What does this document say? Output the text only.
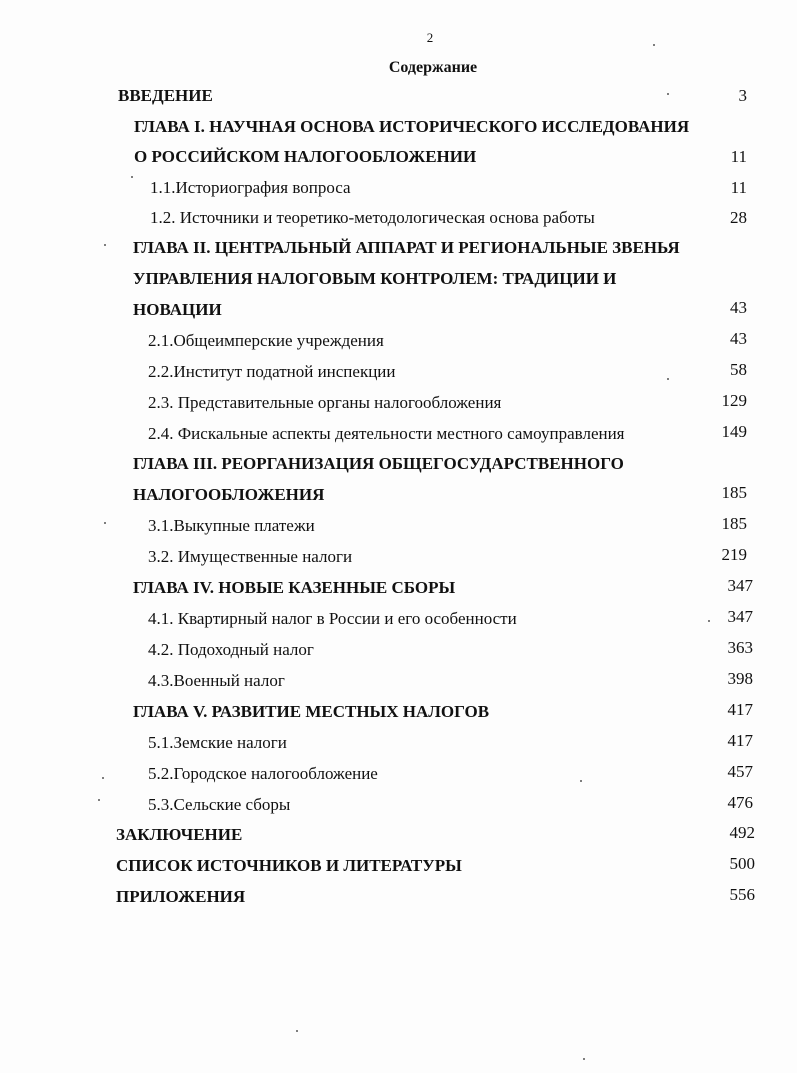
2
Содержание
ВВЕДЕНИЕ	3
ГЛАВА I. НАУЧНАЯ ОСНОВА ИСТОРИЧЕСКОГО ИССЛЕДОВАНИЯ
О РОССИЙСКОМ НАЛОГООБЛОЖЕНИИ	11
1.1.Историография вопроса	11
1.2. Источники и теоретико-методологическая основа работы	28
ГЛАВА II. ЦЕНТРАЛЬНЫЙ АППАРАТ И РЕГИОНАЛЬНЫЕ ЗВЕНЬЯ
УПРАВЛЕНИЯ НАЛОГОВЫМ КОНТРОЛЕМ: ТРАДИЦИИ И
НОВАЦИИ	43
2.1.Общеимперские учреждения	43
2.2.Институт податной инспекции	58
2.3. Представительные органы налогообложения	129
2.4. Фискальные аспекты деятельности местного самоуправления	149
ГЛАВА III. РЕОРГАНИЗАЦИЯ ОБЩЕГОСУДАРСТВЕННОГО
НАЛОГООБЛОЖЕНИЯ	185
3.1.Выкупные платежи	185
3.2. Имущественные налоги	219
ГЛАВА IV. НОВЫЕ КАЗЕННЫЕ СБОРЫ	347
4.1. Квартирный налог в России и его особенности	347
4.2. Подоходный налог	363
4.3.Военный налог	398
ГЛАВА V. РАЗВИТИЕ МЕСТНЫХ НАЛОГОВ	417
5.1.Земские налоги	417
5.2.Городское налогообложение	457
5.3.Сельские сборы	476
ЗАКЛЮЧЕНИЕ	492
СПИСОК ИСТОЧНИКОВ И ЛИТЕРАТУРЫ	500
ПРИЛОЖЕНИЯ	556
